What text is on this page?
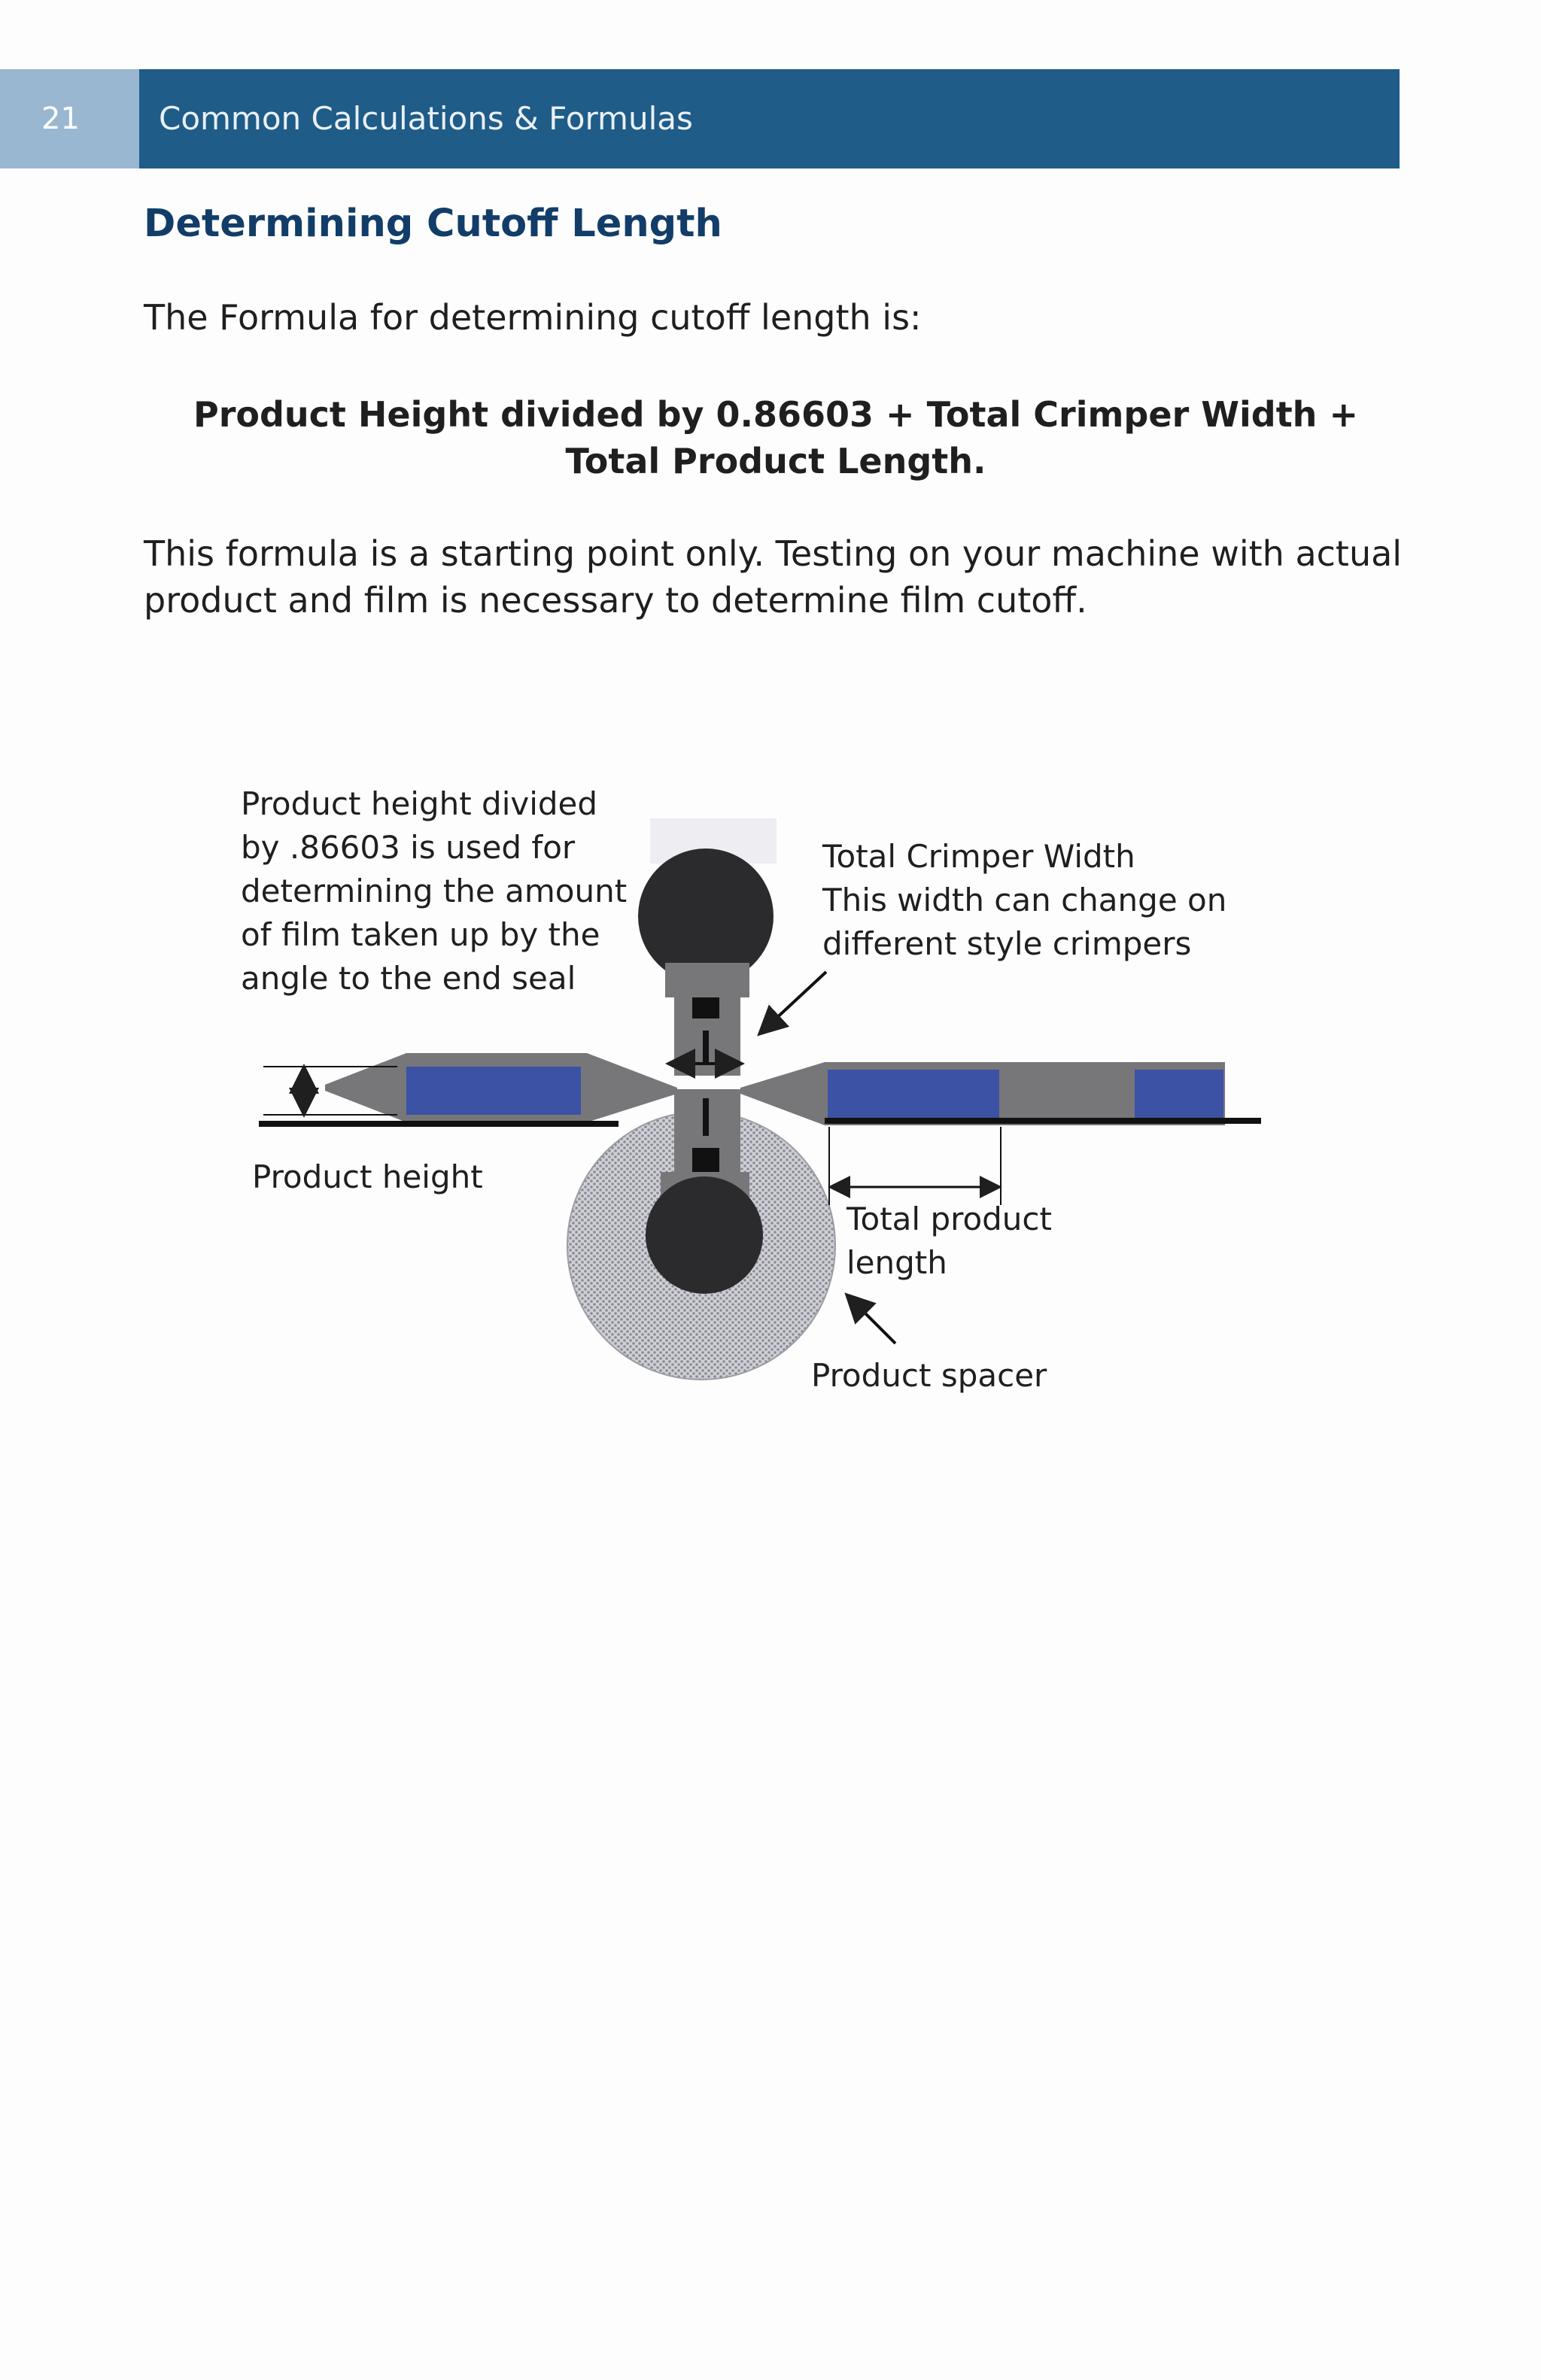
21	Common Calculations & Formulas
Determining Cutoff Length
The Formula for determining cutoff length is:
Product Height divided by 0.86603 + Total Crimper Width +
Total Product Length.
This formula is a starting point only. Testing on your machine with actual
product and film is necessary to determine film cutoff.
Product height divided
by .86603 is used for
determining the amount
of film taken up by the
angle to the end seal
Total Crimper Width
This width can change on
different style crimpers
Product height
Total product
length
Product spacer
